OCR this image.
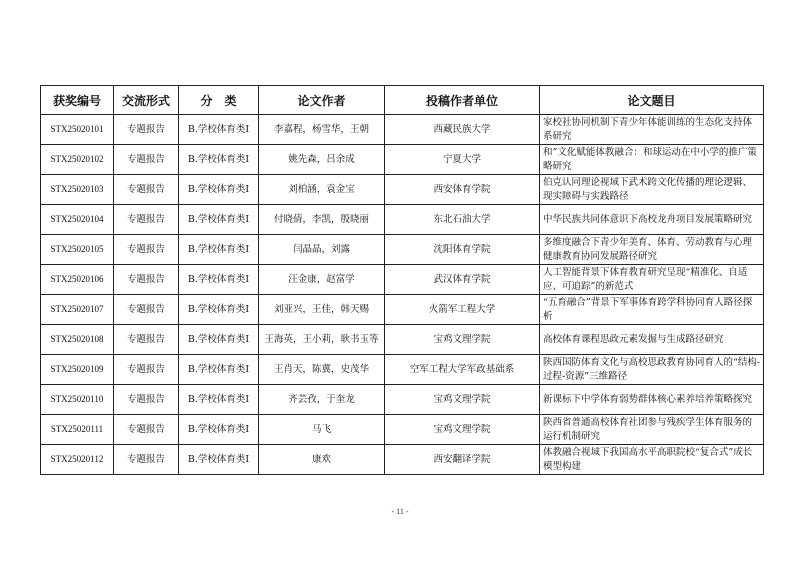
获奖编号	交流形式	分　类	论文作者	投稿作者单位	论文题目
STX25020101	专题报告	B.学校体育类Ⅰ	李嘉程，杨雪华，王朝	西藏民族大学	家校社协同机制下青少年体能训练的生态化支持体系研究
STX25020102	专题报告	B.学校体育类Ⅰ	姚先森，吕余成	宁夏大学	和”文化赋能体教融合：和球运动在中小学的推广策略研究
STX25020103	专题报告	B.学校体育类Ⅰ	刘柏涵，袁金宝	西安体育学院	伯克认同理论视域下武术跨文化传播的理论逻辑、现实障碍与实践路径
STX25020104	专题报告	B.学校体育类Ⅰ	付晓倩，李凯，殷晓丽	东北石油大学	中华民族共同体意识下高校龙舟项目发展策略研究
STX25020105	专题报告	B.学校体育类Ⅰ	闫晶晶，刘露	沈阳体育学院	多维度融合下青少年美育、体育、劳动教育与心理健康教育协同发展路径研究
STX25020106	专题报告	B.学校体育类Ⅰ	汪金康，赵富学	武汉体育学院	人工智能背景下体育教育研究呈现“精准化、自适应、可追踪”的新范式
STX25020107	专题报告	B.学校体育类Ⅰ	刘亚兴，王佳，韩天赐	火箭军工程大学	“五育融合”背景下军事体育跨学科协同育人路径探析
STX25020108	专题报告	B.学校体育类Ⅰ	王海英，王小莉，耿书玉等	宝鸡文理学院	高校体育课程思政元素发掘与生成路径研究
STX25020109	专题报告	B.学校体育类Ⅰ	王肖天，陈冀，史茂华	空军工程大学军政基础系	陕西国防体育文化与高校思政教育协同育人的“结构-过程-资源”三维路径
STX25020110	专题报告	B.学校体育类Ⅰ	齐芸孜，于奎龙	宝鸡文理学院	新课标下中学体育弱势群体核心素养培养策略探究
STX25020111	专题报告	B.学校体育类Ⅰ	马飞	宝鸡文理学院	陕西省普通高校体育社团参与残疾学生体育服务的运行机制研究
STX25020112	专题报告	B.学校体育类Ⅰ	康欢	西安翻译学院	体教融合视域下我国高水平高职院校“复合式”成长模型构建
- 11 -
